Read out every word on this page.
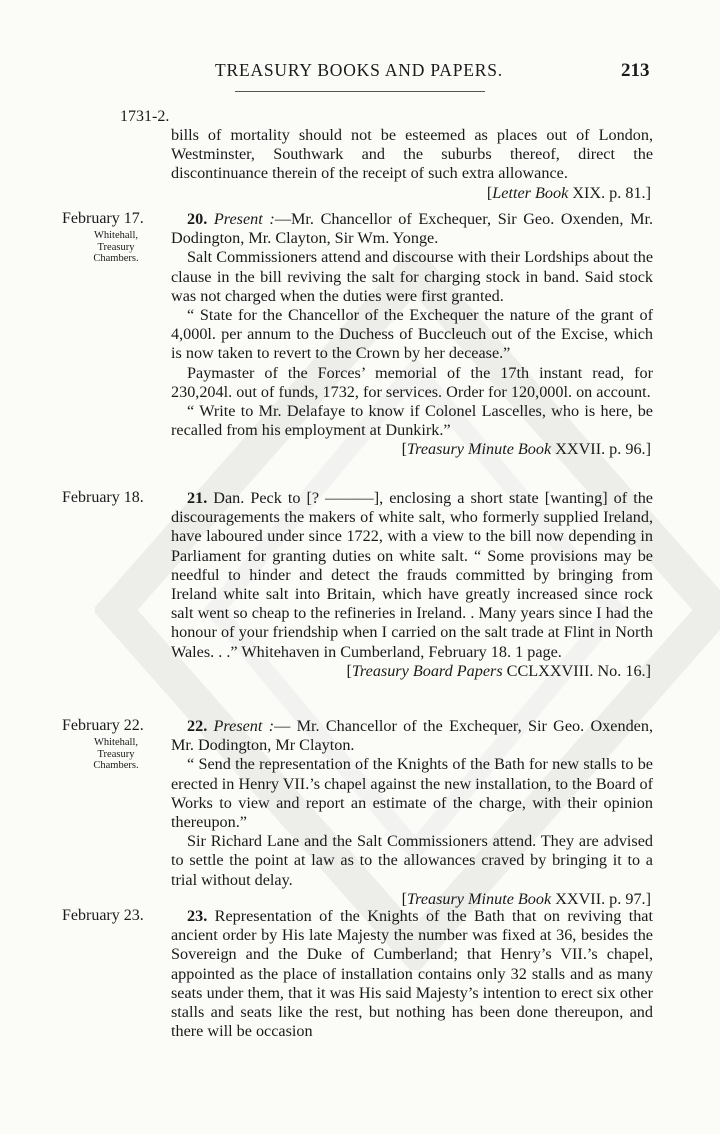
TREASURY BOOKS AND PAPERS.	213
1731-2.

bills of mortality should not be esteemed as places out of London, Westminster, Southwark and the suburbs thereof, direct the discontinuance therein of the receipt of such extra allowance.

[Letter Book XIX. p. 81.]

February 17.
Whitehall, Treasury Chambers.

20. Present :—Mr. Chancellor of Exchequer, Sir Geo. Oxenden, Mr. Dodington, Mr. Clayton, Sir Wm. Yonge.

Salt Commissioners attend and discourse with their Lordships about the clause in the bill reviving the salt for charging stock in band. Said stock was not charged when the duties were first granted.

“ State for the Chancellor of the Exchequer the nature of the grant of 4,000l. per annum to the Duchess of Buccleuch out of the Excise, which is now taken to revert to the Crown by her decease.”

Paymaster of the Forces’ memorial of the 17th instant read, for 230,204l. out of funds, 1732, for services. Order for 120,000l. on account.

“ Write to Mr. Delafaye to know if Colonel Lascelles, who is here, be recalled from his employment at Dunkirk.”

[Treasury Minute Book XXVII. p. 96.]

February 18.	21. Dan. Peck to [? ———], enclosing a short state [wanting] of the discouragements the makers of white salt, who formerly supplied Ireland, have laboured under since 1722, with a view to the bill now depending in Parliament for granting duties on white salt. “ Some provisions may be needful to hinder and detect the frauds committed by bringing from Ireland white salt into Britain, which have greatly increased since rock salt went so cheap to the refineries in Ireland. . Many years since I had the honour of your friendship when I carried on the salt trade at Flint in North Wales. . .” Whitehaven in Cumberland, February 18. 1 page.

[Treasury Board Papers CCLXXVIII. No. 16.]

February 22.
Whitehall, Treasury Chambers.

22. Present :— Mr. Chancellor of the Exchequer, Sir Geo. Oxenden, Mr. Dodington, Mr Clayton.

“ Send the representation of the Knights of the Bath for new stalls to be erected in Henry VII.’s chapel against the new installation, to the Board of Works to view and report an estimate of the charge, with their opinion thereupon.”

Sir Richard Lane and the Salt Commissioners attend. They are advised to settle the point at law as to the allowances craved by bringing it to a trial without delay.

[Treasury Minute Book XXVII. p. 97.]

February 23.	23. Representation of the Knights of the Bath that on reviving that ancient order by His late Majesty the number was fixed at 36, besides the Sovereign and the Duke of Cumberland; that Henry’s VII.’s chapel, appointed as the place of installation contains only 32 stalls and as many seats under them, that it was His said Majesty’s intention to erect six other stalls and seats like the rest, but nothing has been done thereupon, and there will be occasion
